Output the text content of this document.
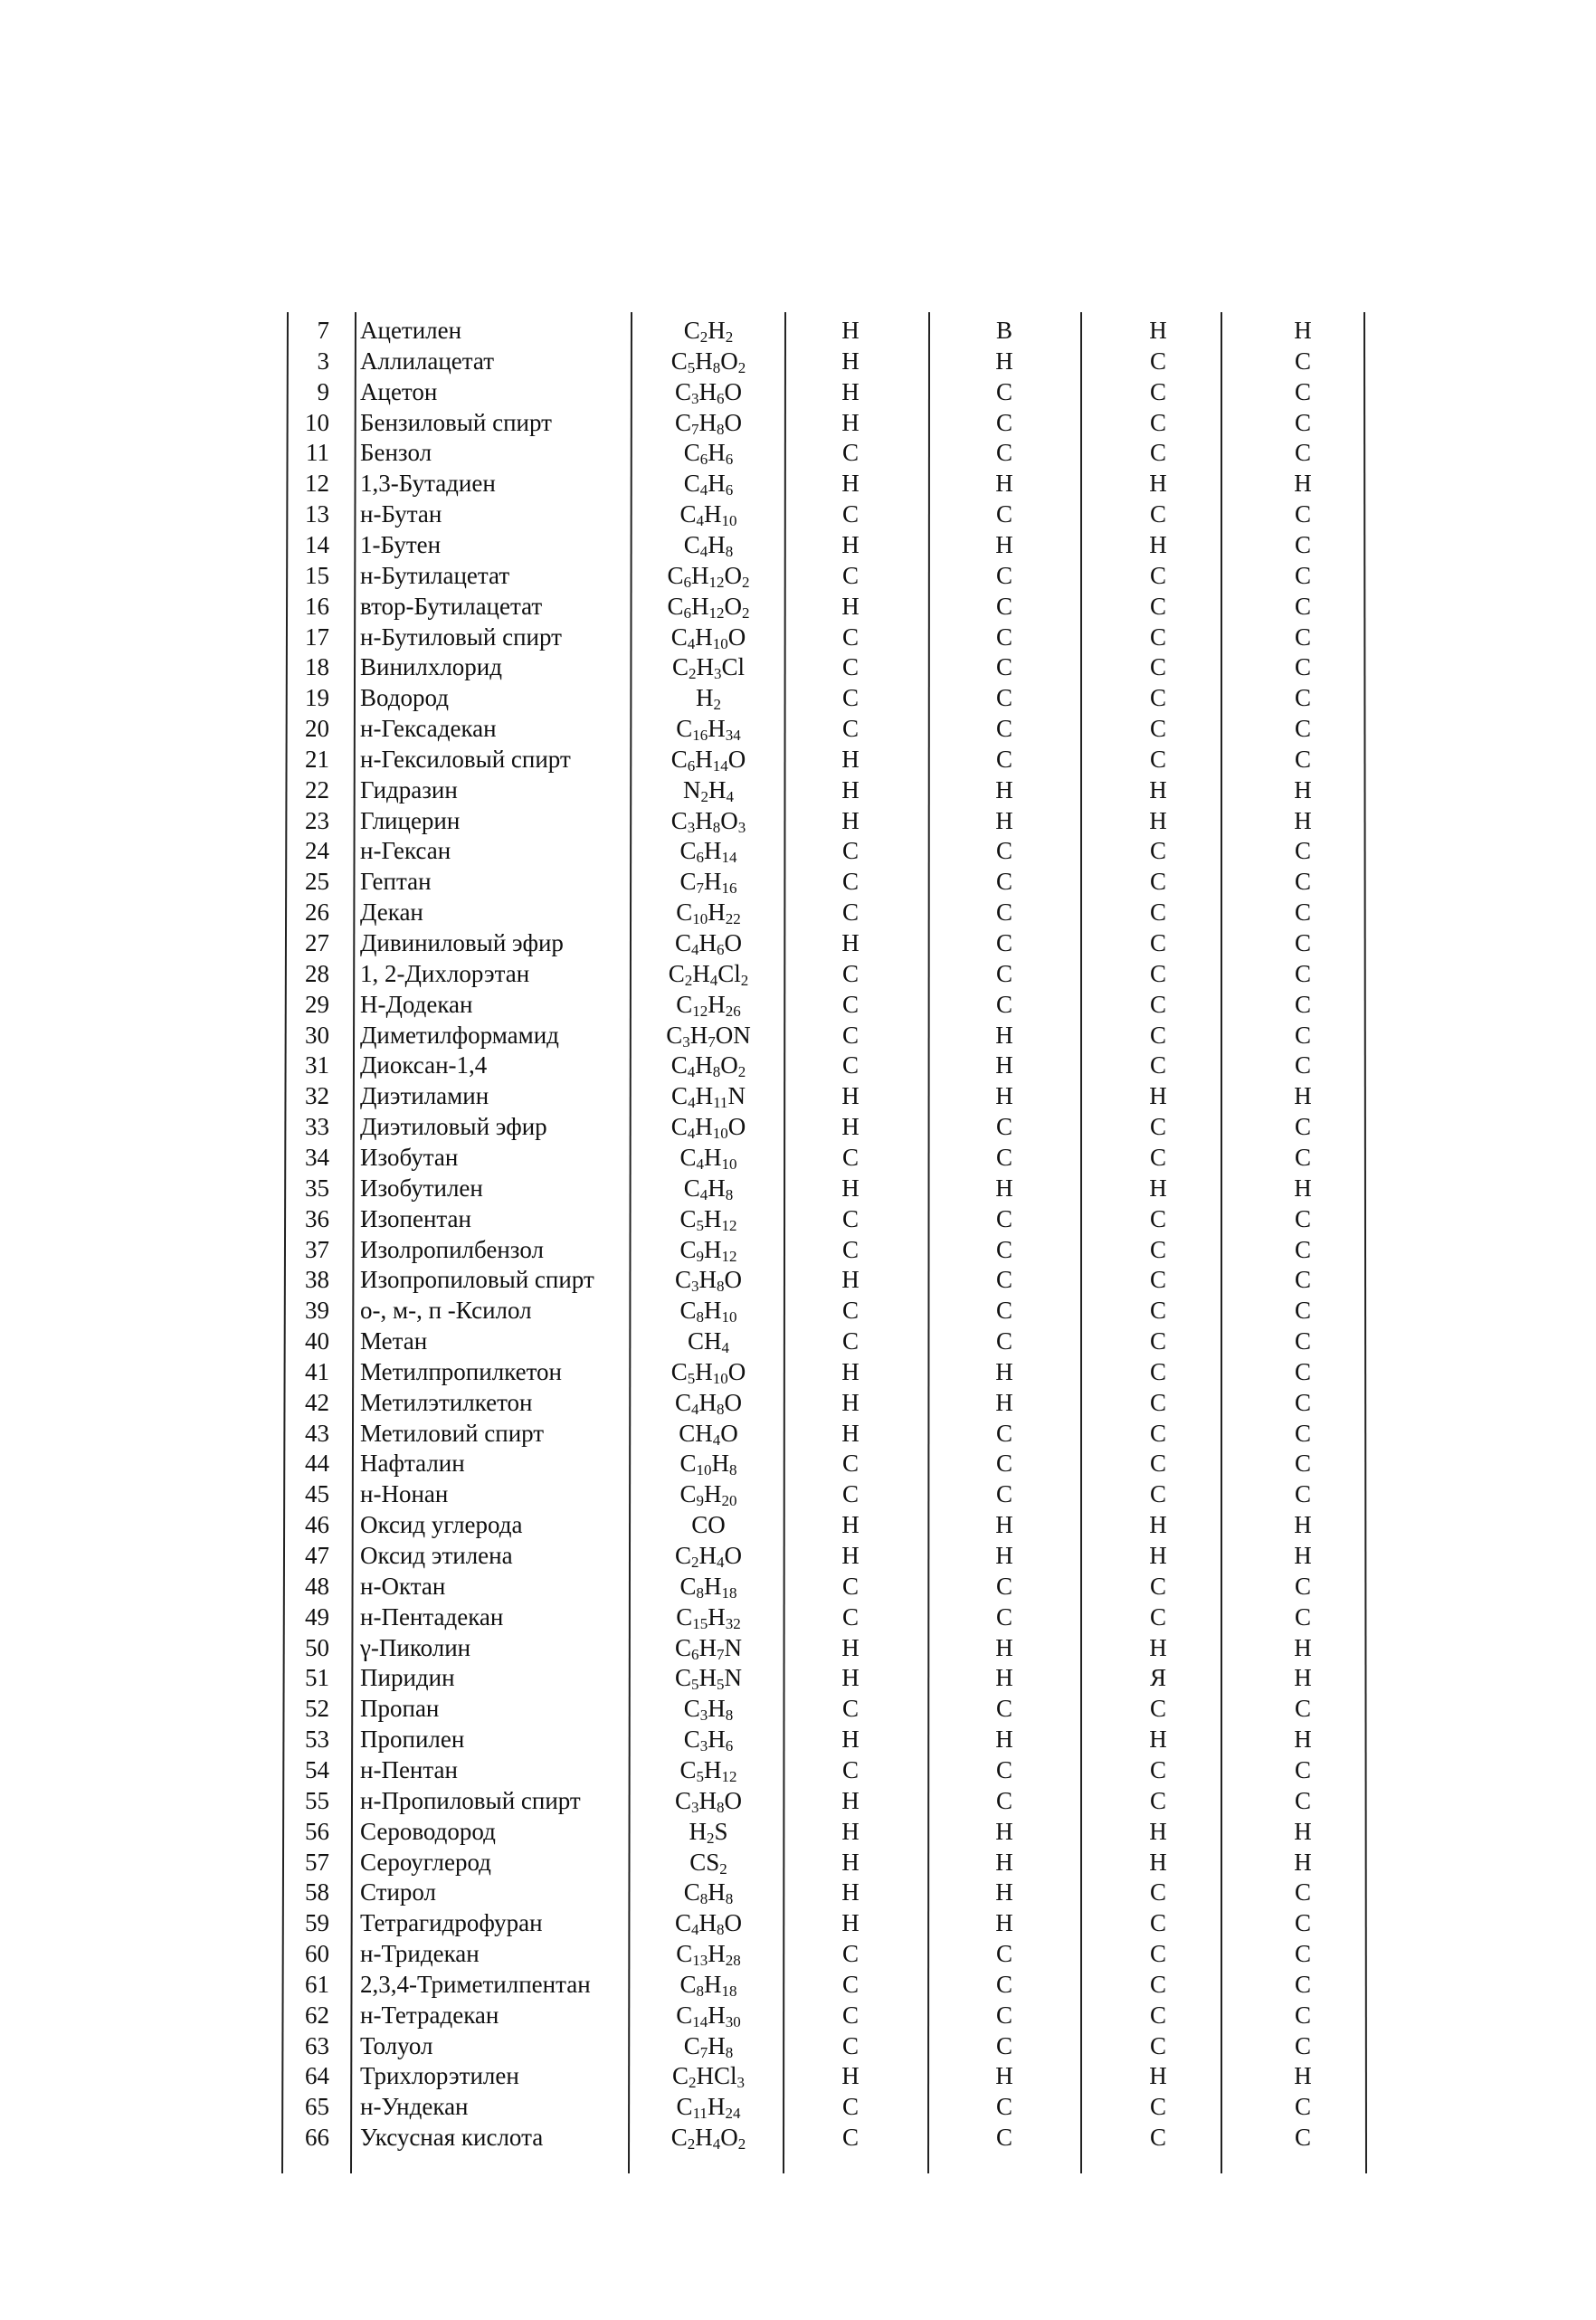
7 Ацетилен	$C_2H_2$	Н	В	Н	Н
3 Аллилацетат	$C_5H_8O_2$	Н	Н	С	С
9 Ацетон	$C_3H_6O$	Н	С	С	С
10 Бензиловый спирт	$C_7H_8O$	Н	С	С	С
11 Бензол	$C_6H_6$	С	С	С	С
12 1,3-Бутадиен	$C_4H_6$	Н	Н	Н	Н
13 н-Бутан	$C_4H_{10}$	С	С	С	С
14 1-Бутен	$C_4H_8$	Н	Н	Н	С
15 н-Бутилацетат	$C_6H_{12}O_2$	С	С	С	С
16 втор-Бутилацетат	$C_6H_{12}O_2$	Н	С	С	С
17 н-Бутиловый спирт	$C_4H_{10}O$	С	С	С	С
18 Винилхлорид	$C_2H_3Cl$	С	С	С	С
19 Водород	$H_2$	С	С	С	С
20 н-Гексадекан	$C_{16}H_{34}$	С	С	С	С
21 н-Гексиловый спирт	$C_6H_{14}O$	Н	С	С	С
22 Гидразин	$N_2H_4$	Н	Н	Н	Н
23 Глицерин	$C_3H_8O_3$	Н	Н	Н	Н
24 н-Гексан	$C_6H_{14}$	С	С	С	С
25 Гептан	$C_7H_{16}$	С	С	С	С
26 Декан	$C_{10}H_{22}$	С	С	С	С
27 Дивиниловый эфир	$C_4H_6O$	Н	С	С	С
28 1, 2-Дихлорэтан	$C_2H_4Cl_2$	С	С	С	С
29 Н-Додекан	$C_{12}H_{26}$	С	С	С	С
30 Диметилформамид	$C_3H_7ON$	С	Н	С	С
31 Диоксан-1,4	$C_4H_8O_2$	С	Н	С	С
32 Диэтиламин	$C_4H_{11}N$	Н	Н	Н	Н
33 Диэтиловый эфир	$C_4H_{10}O$	Н	С	С	С
34 Изобутан	$C_4H_{10}$	С	С	С	С
35 Изобутилен	$C_4H_8$	Н	Н	Н	Н
36 Изопентан	$C_5H_{12}$	С	С	С	С
37 Изолропилбензол	$C_9H_{12}$	С	С	С	С
38 Изопропиловый спирт	$C_3H_8O$	Н	С	С	С
39 о-, м-, п -Ксилол	$C_8H_{10}$	С	С	С	С
40 Метан	$CH_4$	С	С	С	С
41 Метилпропилкетон	$C_5H_{10}O$	Н	Н	С	С
42 Метилэтилкетон	$C_4H_8O$	Н	Н	С	С
43 Метиловий спирт	$CH_4O$	Н	С	С	С
44 Нафталин	$C_{10}H_8$	С	С	С	С
45 н-Нонан	$C_9H_{20}$	С	С	С	С
46 Оксид углерода	CO	Н	Н	Н	Н
47 Оксид этилена	$C_2H_4O$	Н	Н	Н	Н
48 н-Октан	$C_8H_{18}$	С	С	С	С
49 н-Пентадекан	$C_{15}H_{32}$	С	С	С	С
50 γ-Пиколин	$C_6H_7N$	Н	Н	Н	Н
51 Пиридин	$C_5H_5N$	Н	Н	Я	Н
52 Пропан	$C_3H_8$	С	С	С	С
53 Пропилен	$C_3H_6$	Н	Н	Н	Н
54 н-Пентан	$C_5H_{12}$	С	С	С	С
55 н-Пропиловый спирт	$C_3H_8O$	Н	С	С	С
56 Сероводород	$H_2S$	Н	Н	Н	Н
57 Сероуглерод	$CS_2$	Н	Н	Н	Н
58 Стирол	$C_8H_8$	Н	Н	С	С
59 Тетрагидрофуран	$C_4H_8O$	Н	Н	С	С
60 н-Тридекан	$C_{13}H_{28}$	С	С	С	С
61 2,3,4-Триметилпентан	$C_8H_{18}$	С	С	С	С
62 н-Тетрадекан	$C_{14}H_{30}$	С	С	С	С
63 Толуол	$C_7H_8$	С	С	С	С
64 Трихлорэтилен	$C_2HCl_3$	Н	Н	Н	Н
65 н-Ундекан	$C_{11}H_{24}$	С	С	С	С
66 Уксусная кислота	$C_2H_4O_2$	С	С	С	С
